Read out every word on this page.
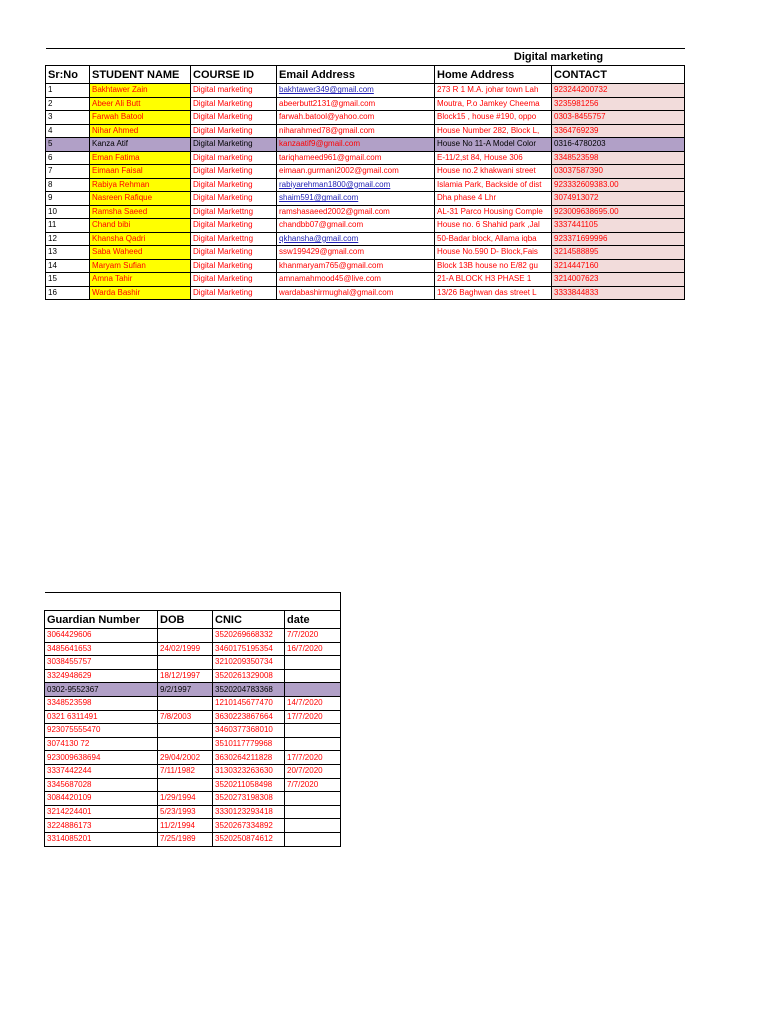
				Digital marketing	
Sr:No	STUDENT NAME	COURSE ID	Email Address	Home Address	CONTACT
1	Bakhtawer Zain	Digital marketing	bakhtawer349@gmail.com	273 R 1 M.A. johar town Lah	923244200732
2	Abeer Ali Butt	Digital Marketing	abeerbutt2131@gmail.com	Moutra, P.o Jamkey Cheema	3235981256
3	Farwah Batool	Digital Marketing	farwah.batool@yahoo.com	Block15 , house #190, oppo	0303-8455757
4	Nihar Ahmed	Digital Marketing	niharahmed78@gmail.com	House Number 282, Block L,	3364769239
5	Kanza Atif	Digital Marketing	kanzaatif9@gmail.com	House No 11-A Model Color	0316-4780203
6	Eman Fatima	Digital marketing	tariqhameed961@gmail.com	E-11/2,st 84, House 306	3348523598
7	Eimaan Faisal	Digital Marketing	eimaan.gurmani2002@gmail.com	House no.2 khakwani street	03037587390
8	Rabiya Rehman	Digital Marketing	rabiyarehman1800@gmail.com	Islamia Park, Backside of dist	923332609383.00
9	Nasreen Rafique	Digital Marketing	shaim591@gmail.com	Dha phase 4 Lhr	3074913072
10	Ramsha Saeed	Digital Markettng	ramshasaeed2002@gmail.com	AL-31 Parco Housing Comple	923009638695.00
11	Chand bibi	Digital Marketing	chandbb07@gmail.com	House no. 6 Shahid park ,Jal	3337441105
12	Khansha Qadri	Digital Markettng	qkhansha@gmail.com	50-Badar block, Allama iqba	923371699996
13	Saba Waheed	Digital Marketing	ssw199429@gmail.com	House No.590 D- Block,Fais	3214588895
14	Maryam Sufian	Digital Marketing	khanmaryam765@gmail.com	Block 13B house no E/82 gu	3214447160
15	Amna Tahir	Digital Marketing	amnamahmood45@live.com	21-A BLOCK H3 PHASE 1	3214007623
16	Warda Bashir	Digital Marketing	wardabashirmughal@gmail.com	13/26 Baghwan das street L	3333844833

Guardian Number	DOB	CNIC	date
3064429606		3520269668332	7/7/2020
3485641653	24/02/1999	3460175195354	16/7/2020
3038455757		3210209350734	
3324948629	18/12/1997	3520261329008	
0302-9552367	9/2/1997	3520204783368	
3348523598		1210145677470	14/7/2020
0321 6311491	7/8/2003	3630223867664	17/7/2020
923075555470		3460377368010	
3074130 72		3510117779968	
923009638694	29/04/2002	3630264211828	17/7/2020
3337442244	7/11/1982	3130323263630	20/7/2020
3345687028		3520211058498	7/7/2020
3084420109	1/29/1994	3520273198308	
3214224401	5/23/1993	3330123293418	
3224886173	11/2/1994	3520267334892	
3314085201	7/25/1989	3520250874612	
